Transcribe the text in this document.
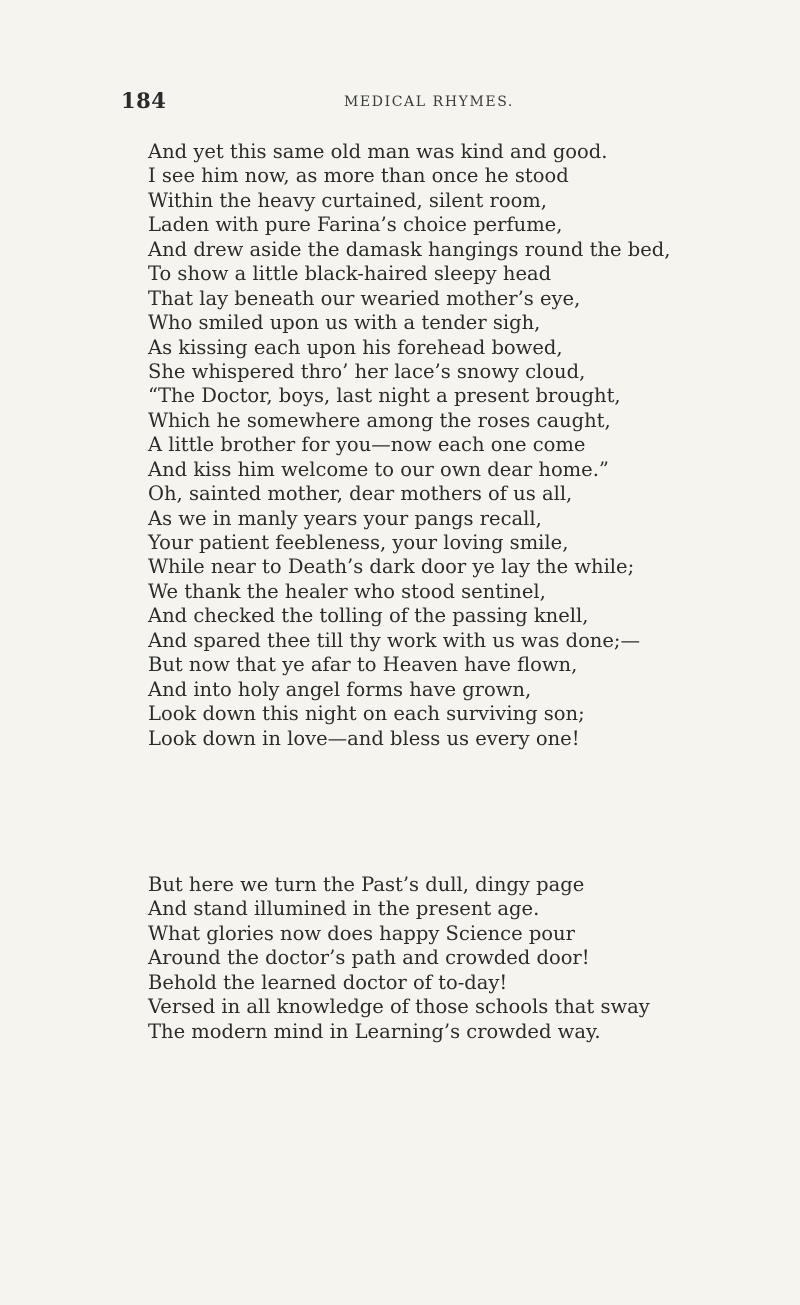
184	MEDICAL RHYMES.
And yet this same old man was kind and good.
I see him now, as more than once he stood
Within the heavy curtained, silent room,
Laden with pure Farina’s choice perfume,
And drew aside the damask hangings round the bed,
To show a little black-haired sleepy head
That lay beneath our wearied mother’s eye,
Who smiled upon us with a tender sigh,
As kissing each upon his forehead bowed,
She whispered thro’ her lace’s snowy cloud,
“The Doctor, boys, last night a present brought,
Which he somewhere among the roses caught,
A little brother for you—now each one come
And kiss him welcome to our own dear home.”
Oh, sainted mother, dear mothers of us all,
As we in manly years your pangs recall,
Your patient feebleness, your loving smile,
While near to Death’s dark door ye lay the while;
We thank the healer who stood sentinel,
And checked the tolling of the passing knell,
And spared thee till thy work with us was done;—
But now that ye afar to Heaven have flown,
And into holy angel forms have grown,
Look down this night on each surviving son;
Look down in love—and bless us every one!
But here we turn the Past’s dull, dingy page
And stand illumined in the present age.
What glories now does happy Science pour
Around the doctor’s path and crowded door!
Behold the learned doctor of to-day!
Versed in all knowledge of those schools that sway
The modern mind in Learning’s crowded way.
